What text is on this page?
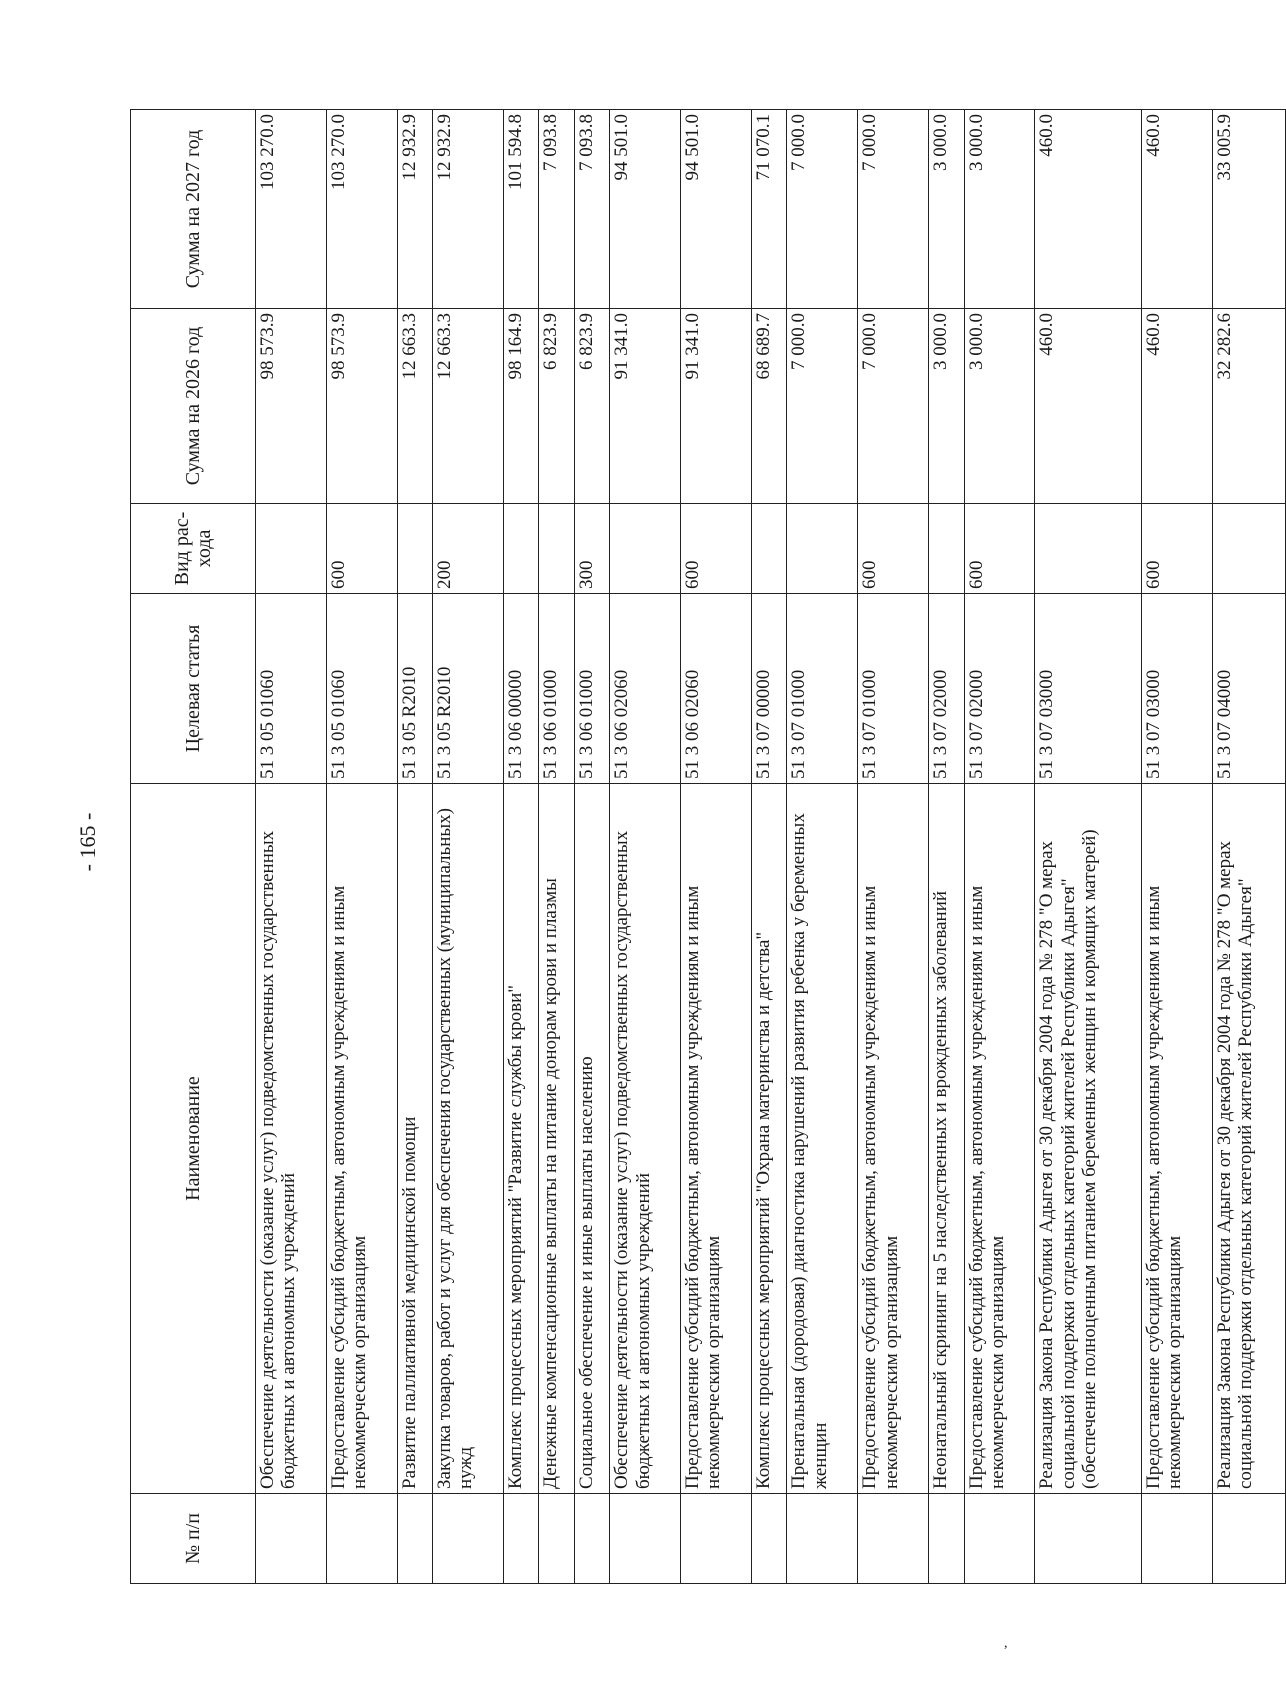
- 165 -
№ п/п	Наименование	Целевая статья	Вид рас-хода	Сумма на 2026 год	Сумма на 2027 год
	Обеспечение деятельности (оказание услуг) подведомственных государственных бюджетных и автономных учреждений	51 3 05 01060		98 573.9	103 270.0
	Предоставление субсидий бюджетным, автономным учреждениям и иным некоммерческим организациям	51 3 05 01060	600	98 573.9	103 270.0
	Развитие паллиативной медицинской помощи	51 3 05 R2010		12 663.3	12 932.9
	Закупка товаров, работ и услуг для обеспечения государственных (муниципальных) нужд	51 3 05 R2010	200	12 663.3	12 932.9
	Комплекс процессных мероприятий "Развитие службы крови"	51 3 06 00000		98 164.9	101 594.8
	Денежные компенсационные выплаты на питание донорам крови и плазмы	51 3 06 01000		6 823.9	7 093.8
	Социальное обеспечение и иные выплаты населению	51 3 06 01000	300	6 823.9	7 093.8
	Обеспечение деятельности (оказание услуг) подведомственных государственных бюджетных и автономных учреждений	51 3 06 02060		91 341.0	94 501.0
	Предоставление субсидий бюджетным, автономным учреждениям и иным некоммерческим организациям	51 3 06 02060	600	91 341.0	94 501.0
	Комплекс процессных мероприятий "Охрана материнства и детства"	51 3 07 00000		68 689.7	71 070.1
	Пренатальная (дородовая) диагностика нарушений развития ребенка у беременных женщин	51 3 07 01000		7 000.0	7 000.0
	Предоставление субсидий бюджетным, автономным учреждениям и иным некоммерческим организациям	51 3 07 01000	600	7 000.0	7 000.0
	Неонатальный скрининг на 5 наследственных и врожденных заболеваний	51 3 07 02000		3 000.0	3 000.0
	Предоставление субсидий бюджетным, автономным учреждениям и иным некоммерческим организациям	51 3 07 02000	600	3 000.0	3 000.0
	Реализация Закона Республики Адыгея от 30 декабря 2004 года № 278 "О мерах социальной поддержки отдельных категорий жителей Республики Адыгея" (обеспечение полноценным питанием беременных женщин и кормящих матерей)	51 3 07 03000		460.0	460.0
	Предоставление субсидий бюджетным, автономным учреждениям и иным некоммерческим организациям	51 3 07 03000	600	460.0	460.0
	Реализация Закона Республики Адыгея от 30 декабря 2004 года № 278 "О мерах социальной поддержки отдельных категорий жителей Республики Адыгея"	51 3 07 04000		32 282.6	33 005.9
,
